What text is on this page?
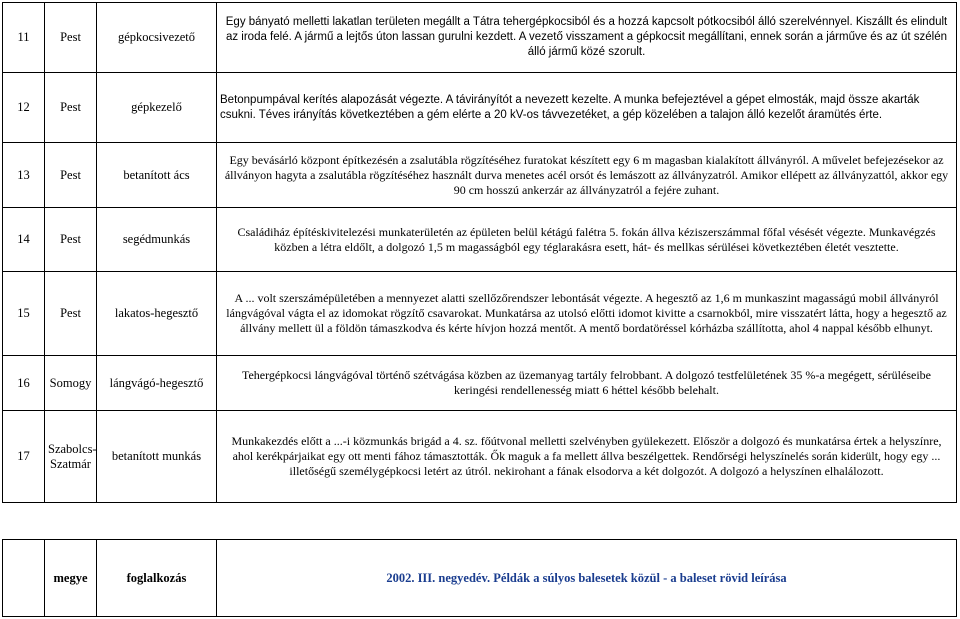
11	Pest	gépkocsivezető	Egy bányató melletti lakatlan területen megállt a Tátra tehergépkocsiból és a hozzá kapcsolt pótkocsiból álló szerelvénnyel. Kiszállt és elindult az iroda felé. A jármű a lejtős úton lassan gurulni kezdett. A vezető visszament a gépkocsit megállítani, ennek során a járműve és az út szélén álló jármű közé szorult.
12	Pest	gépkezelő	Betonpumpával kerítés alapozását végezte. A távirányítót a nevezett kezelte. A munka befejeztével a gépet elmosták, majd össze akarták csukni. Téves irányítás következtében a gém elérte a 20 kV-os távvezetéket, a gép közelében a talajon álló kezelőt áramütés érte.
13	Pest	betanított ács	Egy bevásárló központ építkezésén a zsalutábla rögzítéséhez furatokat készített egy 6 m magasban kialakított állványról. A művelet befejezésekor az állványon hagyta a zsalutábla rögzítéséhez használt durva menetes acél orsót és lemászott az állványzatról. Amikor ellépett az állványzattól, akkor egy 90 cm hosszú ankerzár az állványzatról a fejére zuhant.
14	Pest	segédmunkás	Családiház építéskivitelezési munkaterületén az épületen belül kétágú falétra 5. fokán állva kéziszerszámmal főfal vésését végezte. Munkavégzés közben a létra eldőlt, a dolgozó 1,5 m magasságból egy téglarakásra esett, hát- és mellkas sérülései következtében életét vesztette.
15	Pest	lakatos-hegesztő	A ... volt szerszámépületében a mennyezet alatti szellőzőrendszer lebontását végezte. A hegesztő az 1,6 m munkaszint magasságú mobil állványról lángvágóval vágta el az idomokat rögzítő csavarokat. Munkatársa az utolsó előtti idomot kivitte a csarnokból, mire visszatért látta, hogy a hegesztő az állvány mellett ül a földön támaszkodva és kérte hívjon hozzá mentőt. A mentő bordatöréssel kórházba szállította, ahol 4 nappal később elhunyt.
16	Somogy	lángvágó-hegesztő	Tehergépkocsi lángvágóval történő szétvágása közben az üzemanyag tartály felrobbant. A dolgozó testfelületének 35 %-a megégett, sérüléseibe keringési rendellenesség miatt 6 héttel később belehalt.
17	Szabolcs-Szatmár	betanított munkás	Munkakezdés előtt a ...-i közmunkás brigád a 4. sz. főútvonal melletti szelvényben gyülekezett. Először a dolgozó és munkatársa értek a helyszínre, ahol kerékpárjaikat egy ott menti fához támasztották. Ők maguk a fa mellett állva beszélgettek. Rendőrségi helyszínelés során kiderült, hogy egy ... illetőségű személygépkocsi letért az útról. nekirohant a fának elsodorva a két dolgozót. A dolgozó a helyszínen elhalálozott.
	megye	foglalkozás	2002. III. negyedév. Példák a súlyos balesetek közül - a baleset rövid leírása
